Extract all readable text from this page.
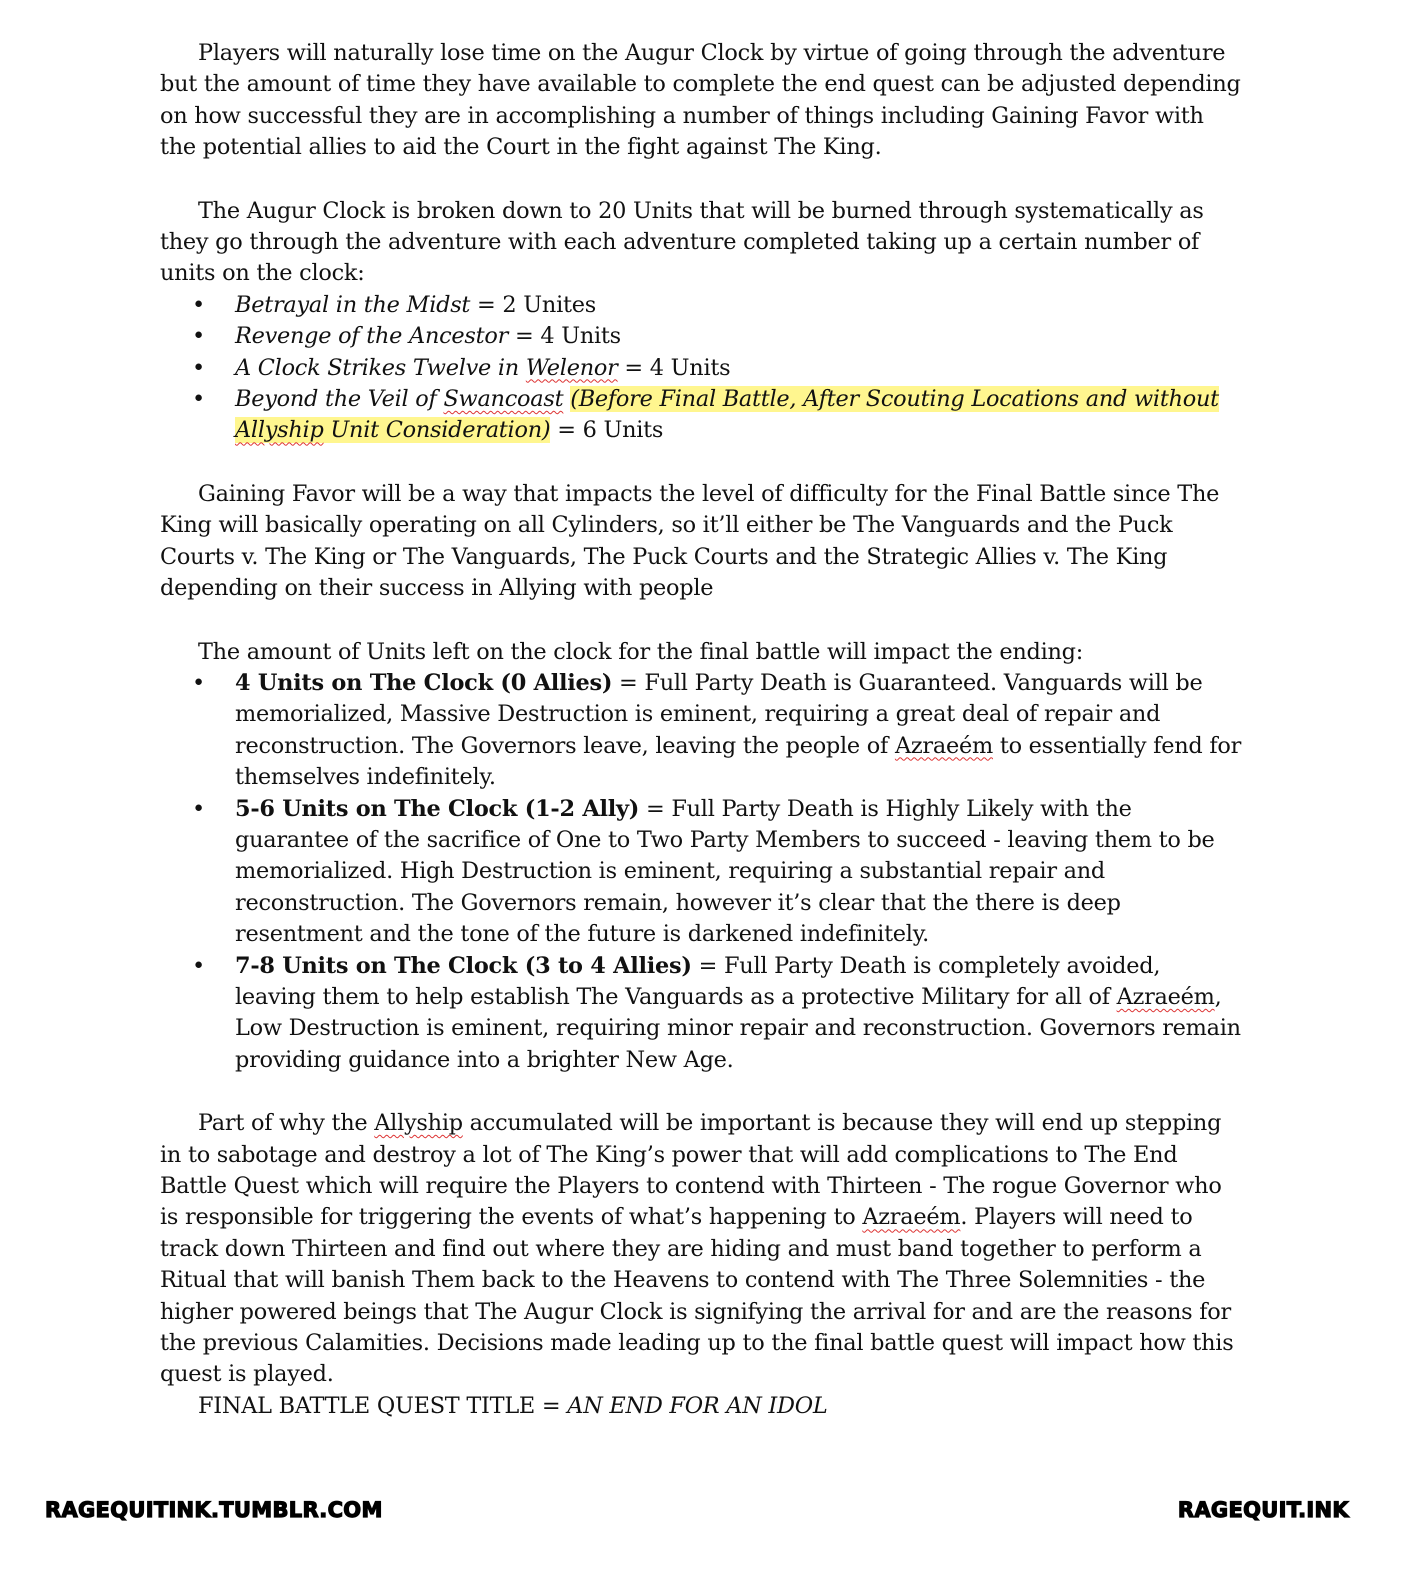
Players will naturally lose time on the Augur Clock by virtue of going through the adventure but the amount of time they have available to complete the end quest can be adjusted depending on how successful they are in accomplishing a number of things including Gaining Favor with the potential allies to aid the Court in the fight against The King.

The Augur Clock is broken down to 20 Units that will be burned through systematically as they go through the adventure with each adventure completed taking up a certain number of units on the clock:

• Betrayal in the Midst = 2 Unites
• Revenge of the Ancestor = 4 Units
• A Clock Strikes Twelve in Welenor = 4 Units
• Beyond the Veil of Swancoast (Before Final Battle, After Scouting Locations and without Allyship Unit Consideration) = 6 Units

Gaining Favor will be a way that impacts the level of difficulty for the Final Battle since The King will basically operating on all Cylinders, so it’ll either be The Vanguards and the Puck Courts v. The King or The Vanguards, The Puck Courts and the Strategic Allies v. The King depending on their success in Allying with people

The amount of Units left on the clock for the final battle will impact the ending:

• 4 Units on The Clock (0 Allies) = Full Party Death is Guaranteed. Vanguards will be memorialized, Massive Destruction is eminent, requiring a great deal of repair and reconstruction. The Governors leave, leaving the people of Azraeém to essentially fend for themselves indefinitely.
• 5-6 Units on The Clock (1-2 Ally) = Full Party Death is Highly Likely with the guarantee of the sacrifice of One to Two Party Members to succeed - leaving them to be memorialized. High Destruction is eminent, requiring a substantial repair and reconstruction. The Governors remain, however it’s clear that the there is deep resentment and the tone of the future is darkened indefinitely.
• 7-8 Units on The Clock (3 to 4 Allies) = Full Party Death is completely avoided, leaving them to help establish The Vanguards as a protective Military for all of Azraeém, Low Destruction is eminent, requiring minor repair and reconstruction. Governors remain providing guidance into a brighter New Age.

Part of why the Allyship accumulated will be important is because they will end up stepping in to sabotage and destroy a lot of The King’s power that will add complications to The End Battle Quest which will require the Players to contend with Thirteen - The rogue Governor who is responsible for triggering the events of what’s happening to Azraeém. Players will need to track down Thirteen and find out where they are hiding and must band together to perform a Ritual that will banish Them back to the Heavens to contend with The Three Solemnities - the higher powered beings that The Augur Clock is signifying the arrival for and are the reasons for the previous Calamities. Decisions made leading up to the final battle quest will impact how this quest is played.

FINAL BATTLE QUEST TITLE = AN END FOR AN IDOL

RAGEQUITINK.TUMBLR.COM	RAGEQUIT.INK
